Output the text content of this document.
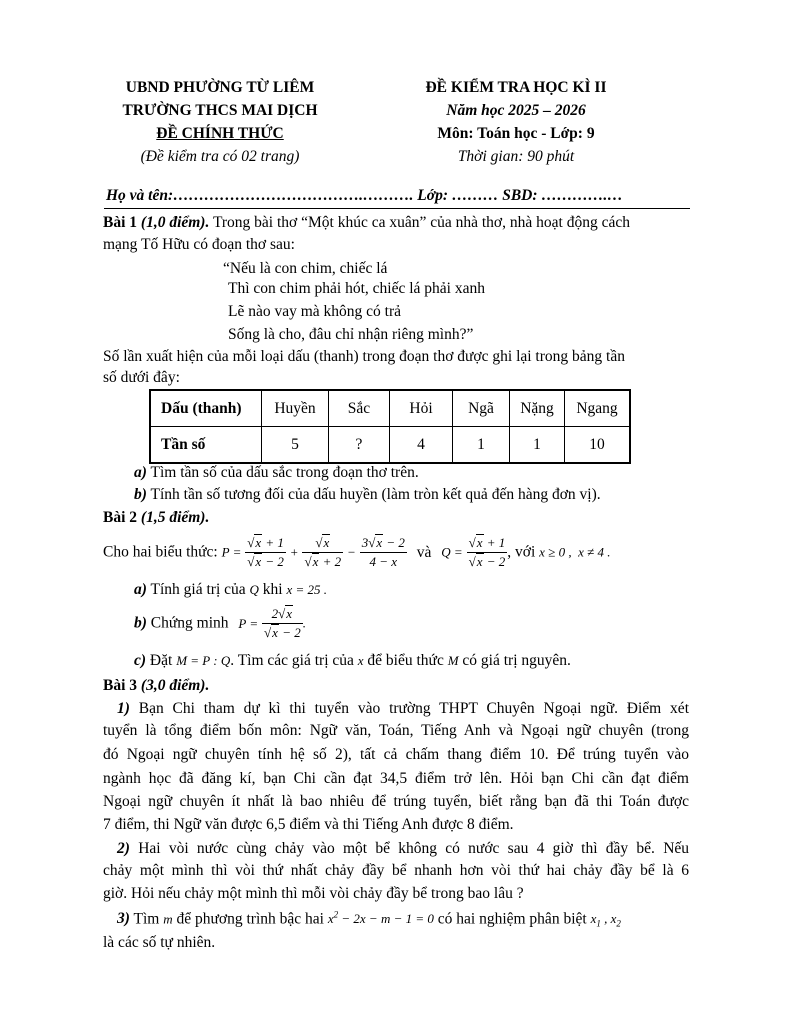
UBND PHƯỜNG TỪ LIÊM
TRƯỜNG THCS MAI DỊCH
ĐỀ CHÍNH THỨC
(Đề kiểm tra có 02 trang)
ĐỀ KIỂM TRA HỌC KÌ II
Năm học 2025 – 2026
Môn: Toán học - Lớp: 9
Thời gian: 90 phút
Họ và tên:……………………………….………. Lớp: ……… SBD: ………….…
Bài 1 (1,0 điểm). Trong bài thơ “Một khúc ca xuân” của nhà thơ, nhà hoạt động cách
mạng Tố Hữu có đoạn thơ sau:
“Nếu là con chim, chiếc lá
Thì con chim phải hót, chiếc lá phải xanh
Lẽ nào vay mà không có trả
Sống là cho, đâu chỉ nhận riêng mình?”
Số lần xuất hiện của mỗi loại dấu (thanh) trong đoạn thơ được ghi lại trong bảng tần
số dưới đây:
Dấu (thanh)	Huyền	Sắc	Hỏi	Ngã	Nặng	Ngang
Tần số	5	?	4	1	1	10
a) Tìm tần số của dấu sắc trong đoạn thơ trên.
b) Tính tần số tương đối của dấu huyền (làm tròn kết quả đến hàng đơn vị).
Bài 2 (1,5 điểm).
Cho hai biểu thức: $P = \frac{√x + 1}{√x - 2} + \frac{√x}{√x + 2} - \frac{3√x - 2}{4 - x}$ và $Q = \frac{√x + 1}{√x - 2}$ , với x ≥ 0 ,  x ≠ 4 .
a) Tính giá trị của Q khi x = 25 .
b) Chứng minh $P = \frac{2√x}{√x - 2}$ .
c) Đặt M = P : Q. Tìm các giá trị của x để biểu thức M có giá trị nguyên.
Bài 3 (3,0 điểm).
1) Bạn Chi tham dự kì thi tuyển vào trường THPT Chuyên Ngoại ngữ. Điểm xét
tuyển là tổng điểm bốn môn: Ngữ văn, Toán, Tiếng Anh và Ngoại ngữ chuyên (trong
đó Ngoại ngữ chuyên tính hệ số 2), tất cả chấm thang điểm 10. Để trúng tuyển vào
ngành học đã đăng kí, bạn Chi cần đạt 34,5 điểm trở lên. Hỏi bạn Chi cần đạt điểm
Ngoại ngữ chuyên ít nhất là bao nhiêu để trúng tuyển, biết rằng bạn đã thi Toán được
7 điểm, thi Ngữ văn được 6,5 điểm và thi Tiếng Anh được 8 điểm.
2) Hai vòi nước cùng chảy vào một bể không có nước sau 4 giờ thì đầy bể. Nếu
chảy một mình thì vòi thứ nhất chảy đầy bể nhanh hơn vòi thứ hai chảy đầy bể là 6
giờ. Hỏi nếu chảy một mình thì mỗi vòi chảy đầy bể trong bao lâu ?
3) Tìm m để phương trình bậc hai $x^2 - 2x - m - 1 = 0$ có hai nghiệm phân biệt $x_1$ , $x_2$
là các số tự nhiên.
